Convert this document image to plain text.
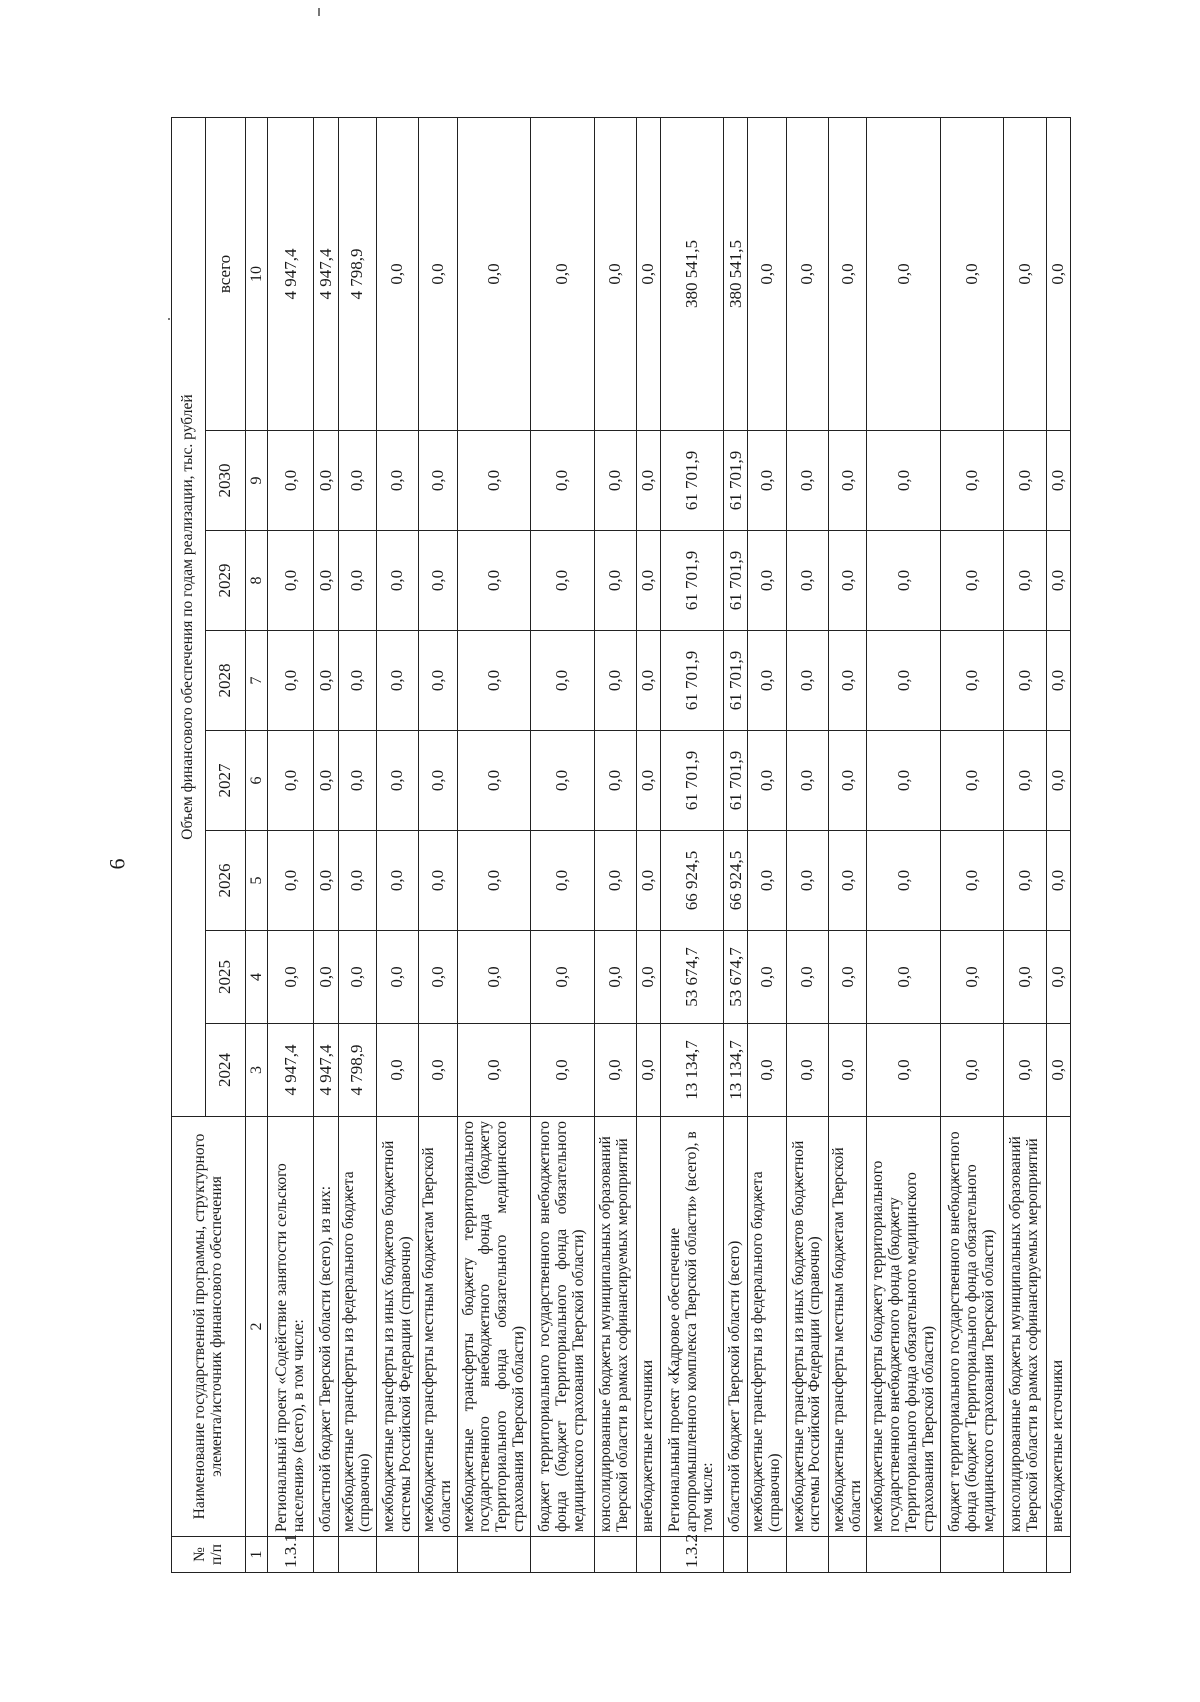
6
№ п/п	Наименование государственной программы, структурного элемента/источник финансового обеспечения	Объем финансового обеспечения по годам реализации, тыс. рублей							
		2024	2025	2026	2027	2028	2029	2030	всего
1	2	3	4	5	6	7	8	9	10
1.3.1	Региональный проект «Содействие занятости сельского населения» (всего), в том числе:	4 947,4	0,0	0,0	0,0	0,0	0,0	0,0	4 947,4
	областной бюджет Тверской области (всего), из них:	4 947,4	0,0	0,0	0,0	0,0	0,0	0,0	4 947,4
	межбюджетные трансферты из федерального бюджета (справочно)	4 798,9	0,0	0,0	0,0	0,0	0,0	0,0	4 798,9
	межбюджетные трансферты из иных бюджетов бюджетной системы Российской Федерации (справочно)	0,0	0,0	0,0	0,0	0,0	0,0	0,0	0,0
	межбюджетные трансферты местным бюджетам Тверской области	0,0	0,0	0,0	0,0	0,0	0,0	0,0	0,0
	межбюджетные трансферты бюджету территориального государственного внебюджетного фонда (бюджету Территориального фонда обязательного медицинского страхования Тверской области)	0,0	0,0	0,0	0,0	0,0	0,0	0,0	0,0
	бюджет территориального государственного внебюджетного фонда (бюджет Территориального фонда обязательного медицинского страхования Тверской области)	0,0	0,0	0,0	0,0	0,0	0,0	0,0	0,0
	консолидированные бюджеты муниципальных образований Тверской области в рамках софинансируемых мероприятий	0,0	0,0	0,0	0,0	0,0	0,0	0,0	0,0
	внебюджетные источники	0,0	0,0	0,0	0,0	0,0	0,0	0,0	0,0
1.3.2	Региональный проект «Кадровое обеспечение агропромышленного комплекса Тверской области» (всего), в том числе:	13 134,7	53 674,7	66 924,5	61 701,9	61 701,9	61 701,9	61 701,9	380 541,5
	областной бюджет Тверской области (всего)	13 134,7	53 674,7	66 924,5	61 701,9	61 701,9	61 701,9	61 701,9	380 541,5
	межбюджетные трансферты из федерального бюджета (справочно)	0,0	0,0	0,0	0,0	0,0	0,0	0,0	0,0
	межбюджетные трансферты из иных бюджетов бюджетной системы Российской Федерации (справочно)	0,0	0,0	0,0	0,0	0,0	0,0	0,0	0,0
	межбюджетные трансферты местным бюджетам Тверской области	0,0	0,0	0,0	0,0	0,0	0,0	0,0	0,0
	межбюджетные трансферты бюджету территориального государственного внебюджетного фонда (бюджету Территориального фонда обязательного медицинского страхования Тверской области)	0,0	0,0	0,0	0,0	0,0	0,0	0,0	0,0
	бюджет территориального государственного внебюджетного фонда (бюджет Территориального фонда обязательного медицинского страхования Тверской области)	0,0	0,0	0,0	0,0	0,0	0,0	0,0	0,0
	консолидированные бюджеты муниципальных образований Тверской области в рамках софинансируемых мероприятий	0,0	0,0	0,0	0,0	0,0	0,0	0,0	0,0
	внебюджетные источники	0,0	0,0	0,0	0,0	0,0	0,0	0,0	0,0
